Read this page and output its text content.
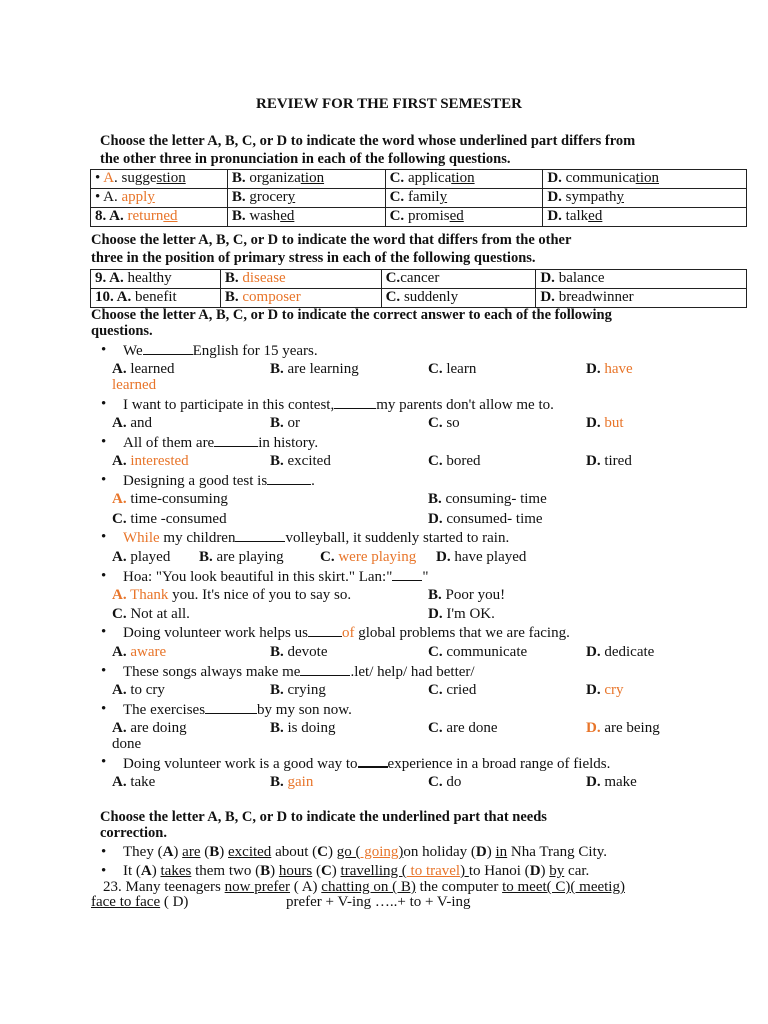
REVIEW FOR THE FIRST SEMESTER
Choose the letter A, B, C, or D to indicate the word whose underlined part differs from
the other three in pronunciation in each of the following questions.
• A. suggestion	B. organization	C. application	D. communication
• A. apply	B. grocery	C. family	D. sympathy
8. A. returned	B. washed	C. promised	D. talked
Choose the letter A, B, C, or D to indicate the word that differs from the other
three in the position of primary stress in each of the following questions.
9. A. healthy	B. disease	C.cancer	D. balance
10. A. benefit	B. composer	C. suddenly	D. breadwinner
Choose the letter A, B, C, or D to indicate the correct answer to each of the following
questions.
• We	English for 15 years.
A. learned	B. are learning	C. learn	D. have
learned
• I want to participate in this contest,	my parents don't allow me to.
A. and	B. or	C. so	D. but
• All of them are	in history.
A. interested	B. excited	C. bored	D. tired
• Designing a good test is	.
A. time-consuming	B. consuming- time
C. time -consumed	D. consumed- time
• While my children	volleyball, it suddenly started to rain.
A. played B. are playing C. were playing D. have played
• Hoa: "You look beautiful in this skirt." Lan:" "
A. Thank you. It's nice of you to say so.	B. Poor you!
C. Not at all.	D. I'm OK.
• Doing volunteer work helps us of global problems that we are facing.
A. aware	B. devote	C. communicate	D. dedicate
• These songs always make me	.let/ help/ had better/
A. to cry	B. crying	C. cried	D. cry
• The exercises	by my son now.
A. are doing	B. is doing	C. are done	D. are being
done
• Doing volunteer work is a good way to experience in a broad range of fields.
A. take	B. gain	C. do	D. make
Choose the letter A, B, C, or D to indicate the underlined part that needs
correction.
• They (A) are (B) excited about (C) go ( going)on holiday (D) in Nha Trang City.
• It (A) takes them two (B) hours (C) travelling ( to travel) to Hanoi (D) by car.
23. Many teenagers now prefer ( A) chatting on ( B) the computer to meet( C)( meetig)
face to face ( D)	prefer + V-ing …..+ to + V-ing
